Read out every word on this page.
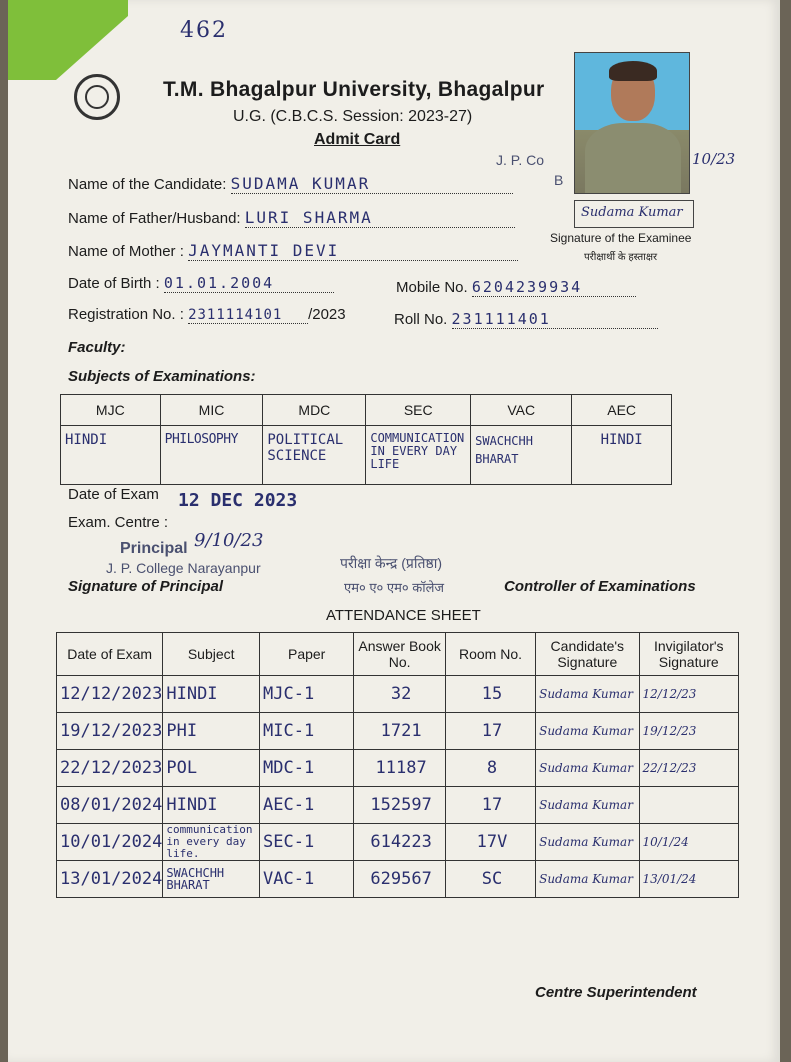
462
T.M. Bhagalpur University, Bhagalpur
U.G. (C.B.C.S. Session: 2023-27)
Admit Card
J. P. Co
B
10/23
Sudama Kumar
Signature of the Examinee
परीक्षार्थी के हस्ताक्षर
Name of the Candidate: SUDAMA KUMAR
Name of Father/Husband: LURI SHARMA
Name of Mother : JAYMANTI DEVI
Date of Birth : 01.01.2004	Mobile No. 6204239934
Registration No. : 2311114101 /2023	Roll No. 231111401
Faculty:
Subjects of Examinations:
MJC	MIC	MDC	SEC	VAC	AEC
HINDI	PHILOSOPHY	POLITICAL SCIENCE	COMMUNICATION IN EVERY DAY LIFE	SWACHCHH BHARAT	HINDI
Date of Exam 12 DEC 2023
Exam. Centre :
Principal 9/10/23
J. P. College Narayanpur
Signature of Principal
परीक्षा केन्द्र (प्रतिष्ठा)
एम० ए० एम० कॉलेज	Controller of Examinations
ATTENDANCE SHEET
Date of Exam	Subject	Paper	Answer Book No.	Room No.	Candidate's Signature	Invigilator's Signature
12/12/2023	HINDI	MJC-1	32	15	Sudama Kumar	12/12/23
19/12/2023	PHI	MIC-1	1721	17	Sudama Kumar	19/12/23
22/12/2023	POL	MDC-1	11187	8	Sudama Kumar	22/12/23
08/01/2024	HINDI	AEC-1	152597	17	Sudama Kumar	
10/01/2024	communication in every day life.	SEC-1	614223	17V	Sudama Kumar	10/1/24
13/01/2024	SWACHCHH BHARAT	VAC-1	629567	SC	Sudama Kumar	13/01/24
Centre Superintendent
